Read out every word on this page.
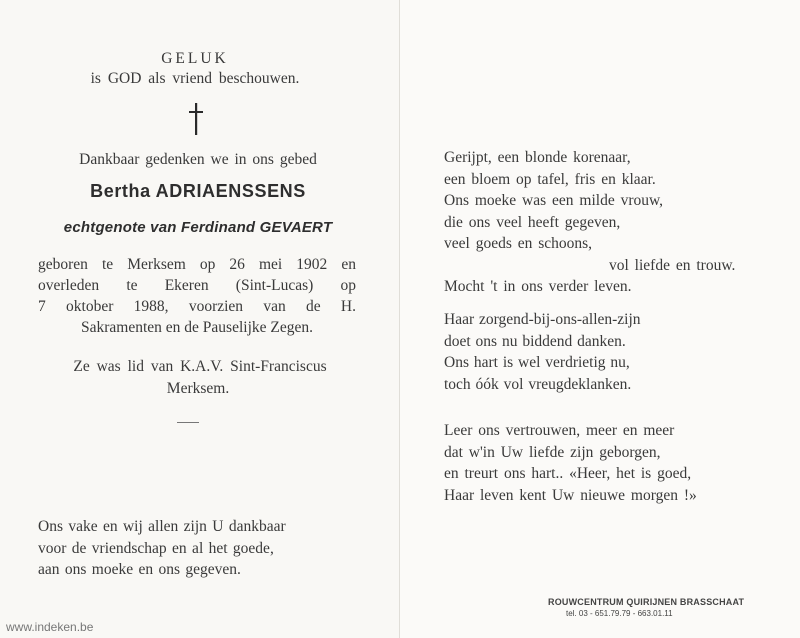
GELUK
is GOD als vriend beschouwen.
Dankbaar gedenken we in ons gebed
Bertha ADRIAENSSENS
echtgenote van Ferdinand GEVAERT
geboren te Merksem op 26 mei 1902 en
overleden te Ekeren (Sint-Lucas) op
7 oktober 1988, voorzien van de H.
Sakramenten en de Pauselijke Zegen.
Ze was lid van K.A.V. Sint-Franciscus
Merksem.
Ons vake en wij allen zijn U dankbaar
voor de vriendschap en al het goede,
aan ons moeke en ons gegeven.
www.indeken.be
Gerijpt, een blonde korenaar,
een bloem op tafel, fris en klaar.
Ons moeke was een milde vrouw,
die ons veel heeft gegeven,
veel goeds en schoons,
vol liefde en trouw.
Mocht 't in ons verder leven.
Haar zorgend-bij-ons-allen-zijn
doet ons nu biddend danken.
Ons hart is wel verdrietig nu,
toch óók vol vreugdeklanken.
Leer ons vertrouwen, meer en meer
dat w'in Uw liefde zijn geborgen,
en treurt ons hart.. «Heer, het is goed,
Haar leven kent Uw nieuwe morgen !»
ROUWCENTRUM QUIRIJNEN BRASSCHAAT
tel. 03 - 651.79.79 - 663.01.11
